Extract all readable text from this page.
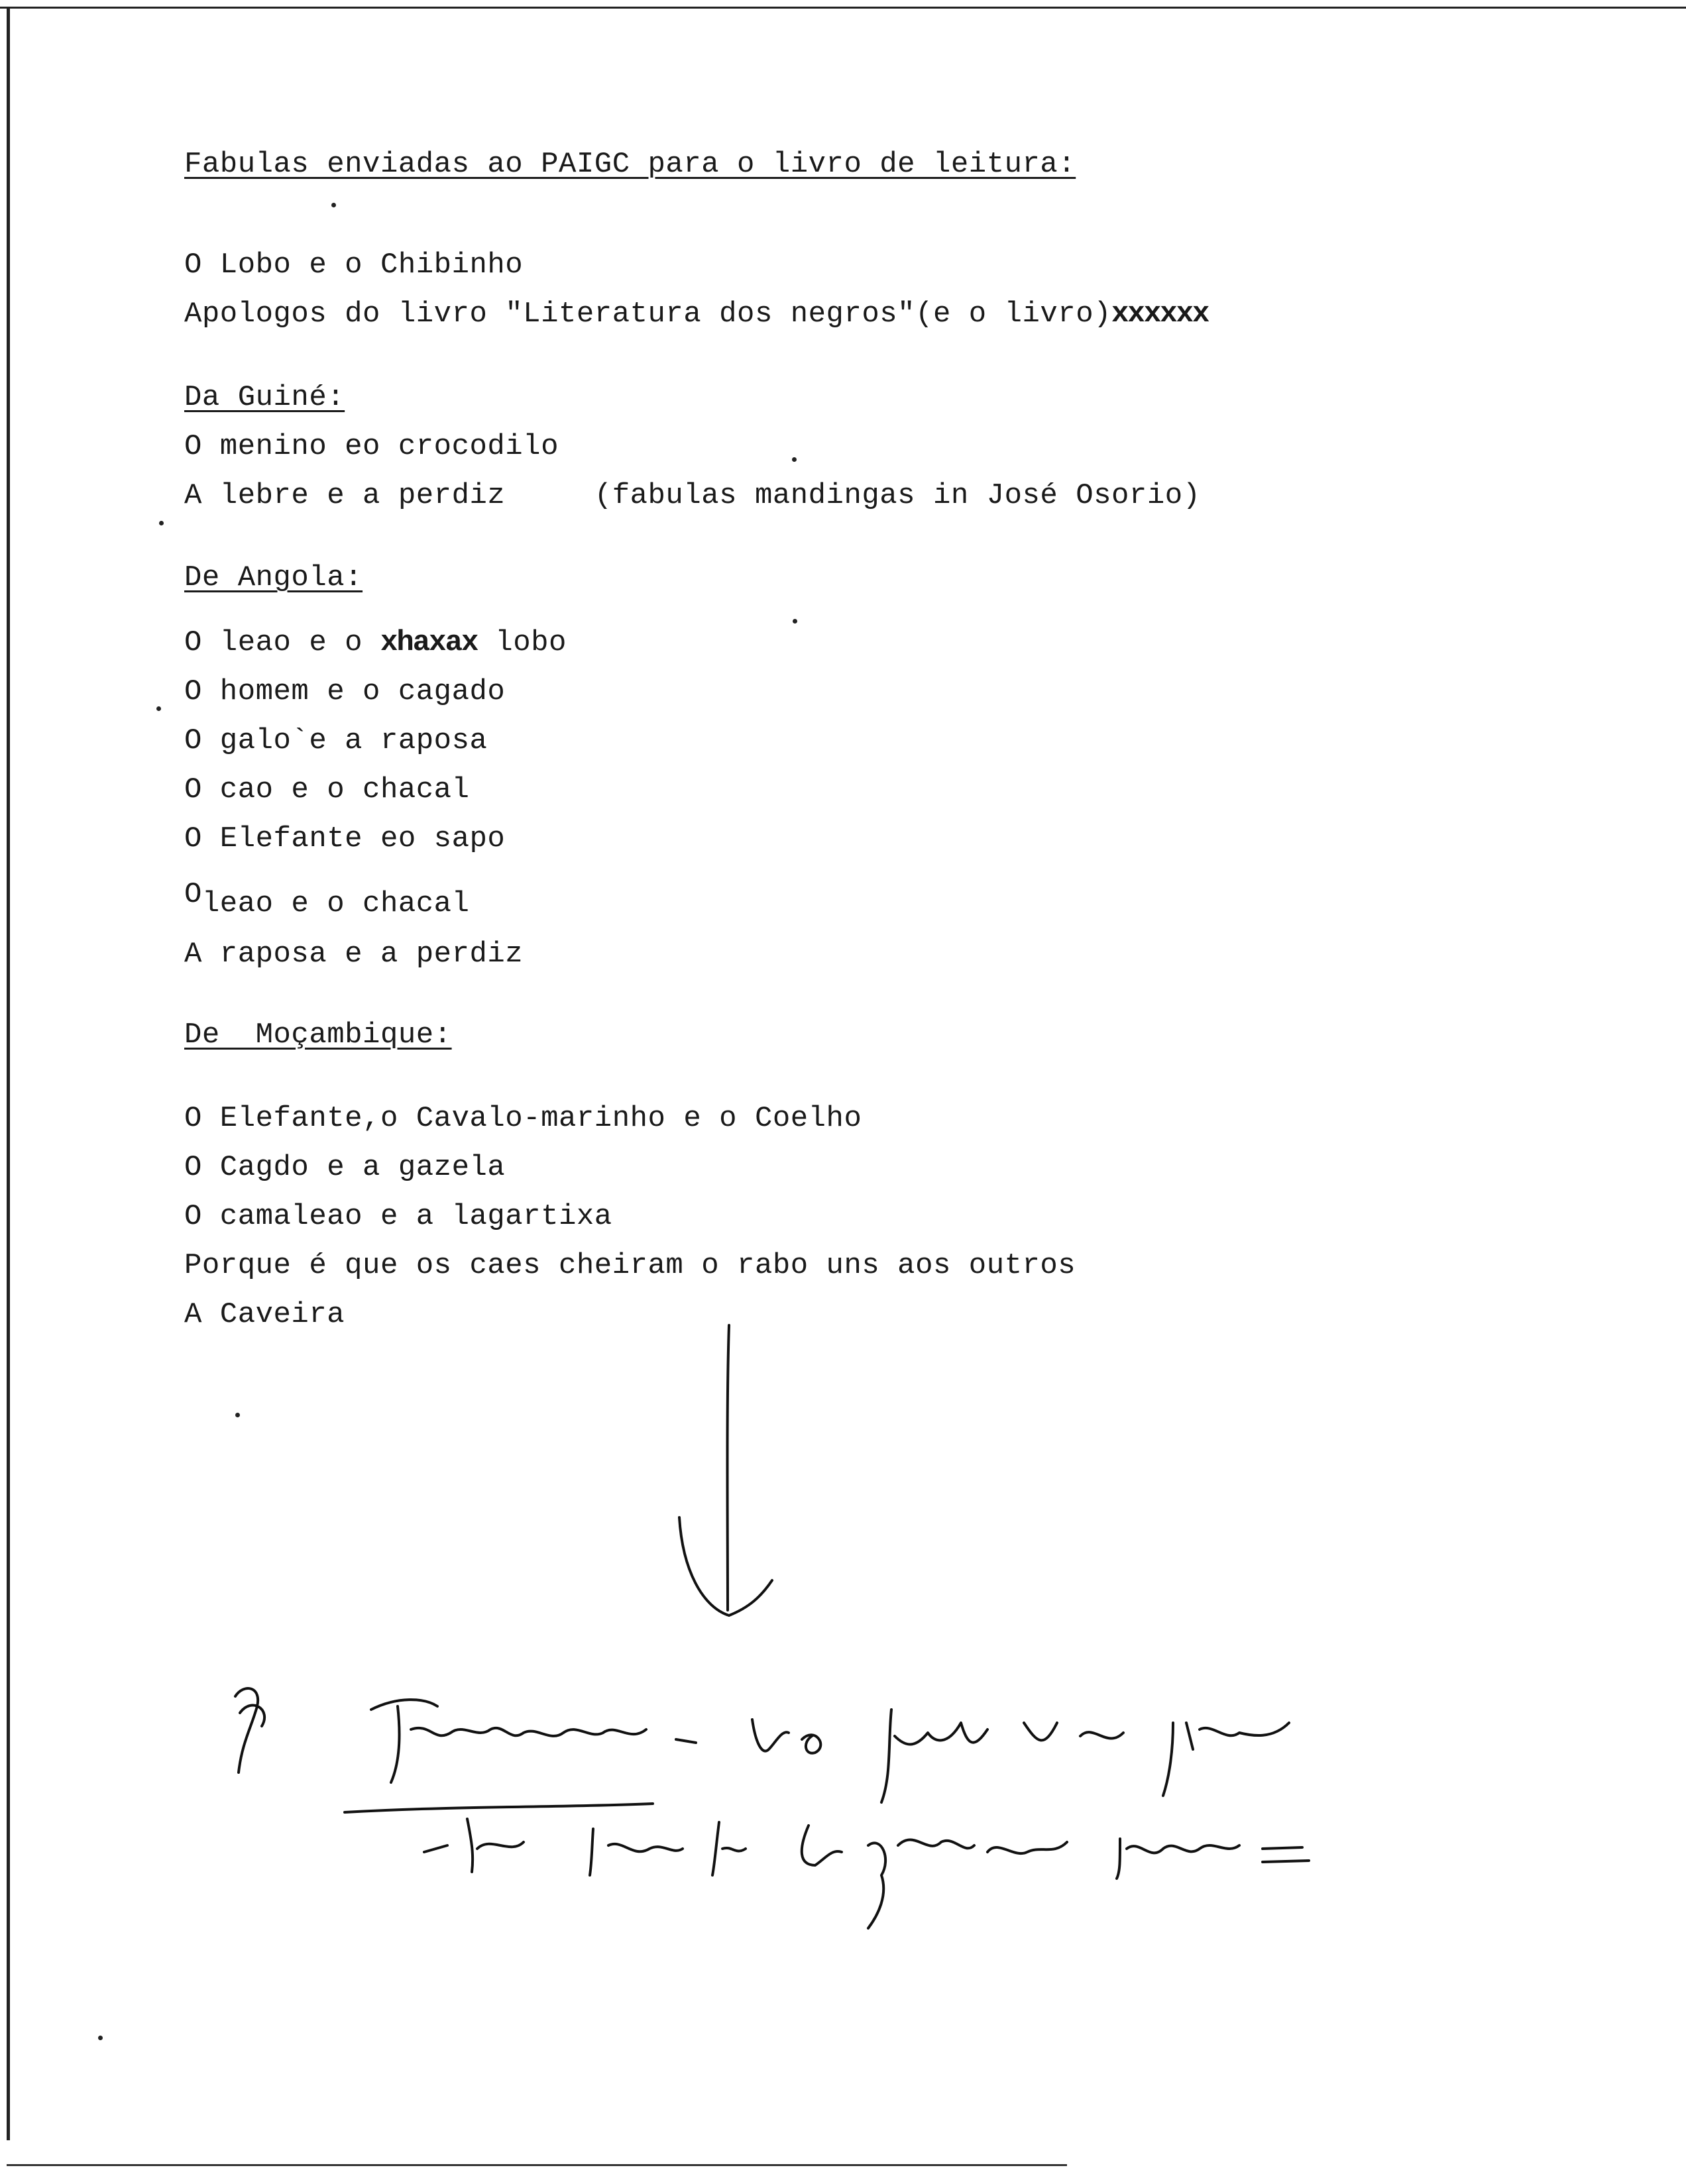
Fabulas enviadas ao PAIGC para o livro de leitura:

O Lobo e o Chibinho

Apologos do livro "Literatura dos negros"(e o livro)xxxxxx

Da Guiné:

O menino eo crocodilo

A lebre e a perdiz     (fabulas mandingas in José Osorio)

De Angola:

O leao e o xhaxax lobo

O homem e o cagado

O galo`e a raposa

O cao e o chacal

O Elefante eo sapo

Oleao e o chacal

A raposa e a perdiz

De  Moçambique:

O Elefante,o Cavalo-marinho e o Coelho

O Cagdo e a gazela

O camaleao e a lagartixa

Porque é que os caes cheiram o rabo uns aos outros

A Caveira
